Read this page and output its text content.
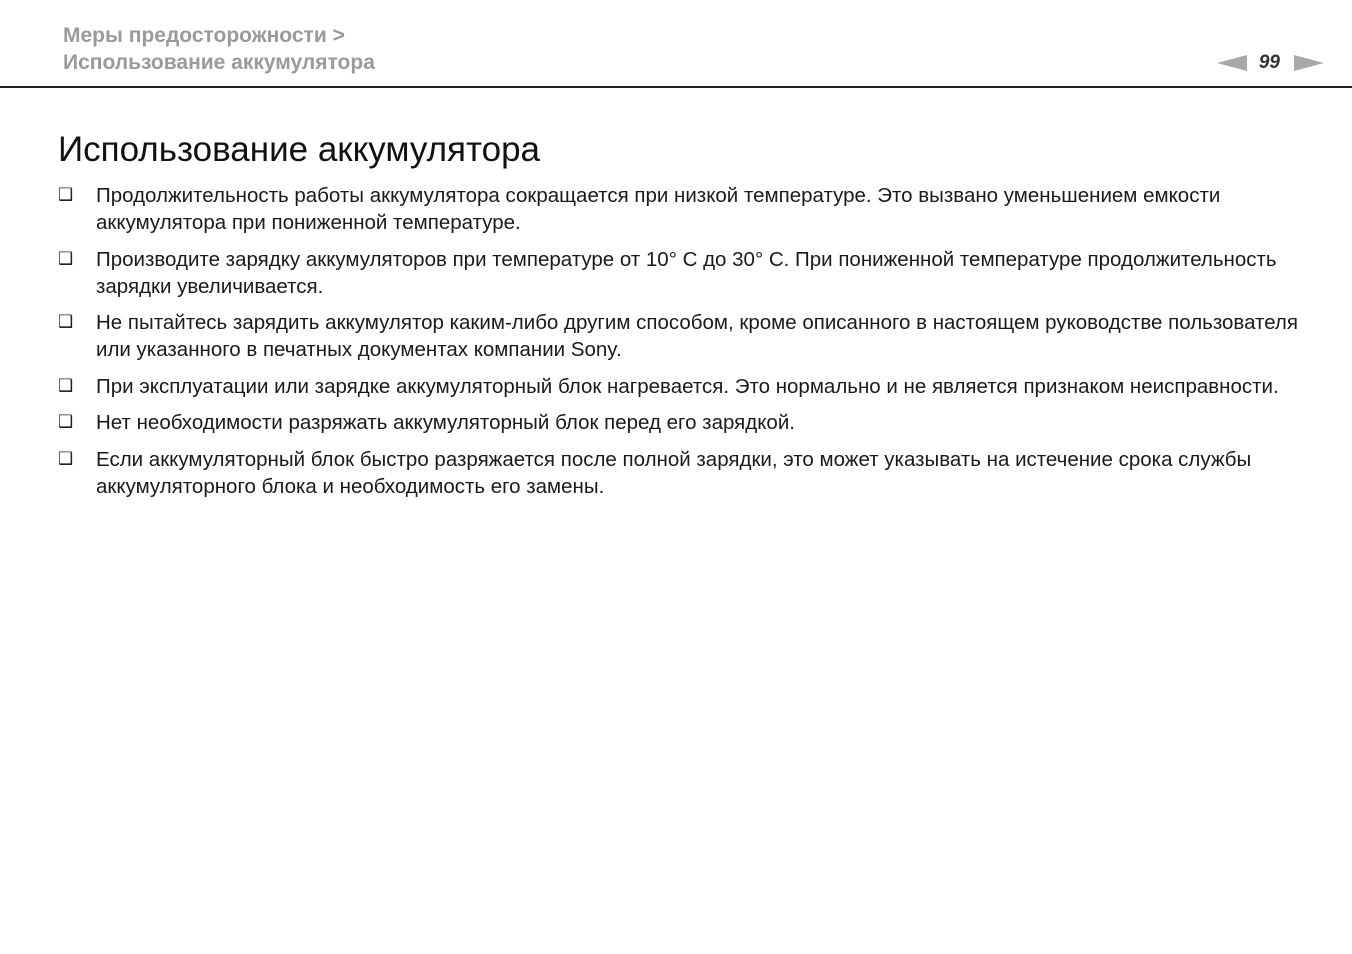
Меры предосторожности >
Использование аккумулятора	99
Использование аккумулятора
❑	Продолжительность работы аккумулятора сокращается при низкой температуре. Это вызвано уменьшением емкости аккумулятора при пониженной температуре.
❑	Производите зарядку аккумуляторов при температуре от 10° C до 30° C. При пониженной температуре продолжительность зарядки увеличивается.
❑	Не пытайтесь зарядить аккумулятор каким-либо другим способом, кроме описанного в настоящем руководстве пользователя или указанного в печатных документах компании Sony.
❑	При эксплуатации или зарядке аккумуляторный блок нагревается. Это нормально и не является признаком неисправности.
❑	Нет необходимости разряжать аккумуляторный блок перед его зарядкой.
❑	Если аккумуляторный блок быстро разряжается после полной зарядки, это может указывать на истечение срока службы аккумуляторного блока и необходимость его замены.
